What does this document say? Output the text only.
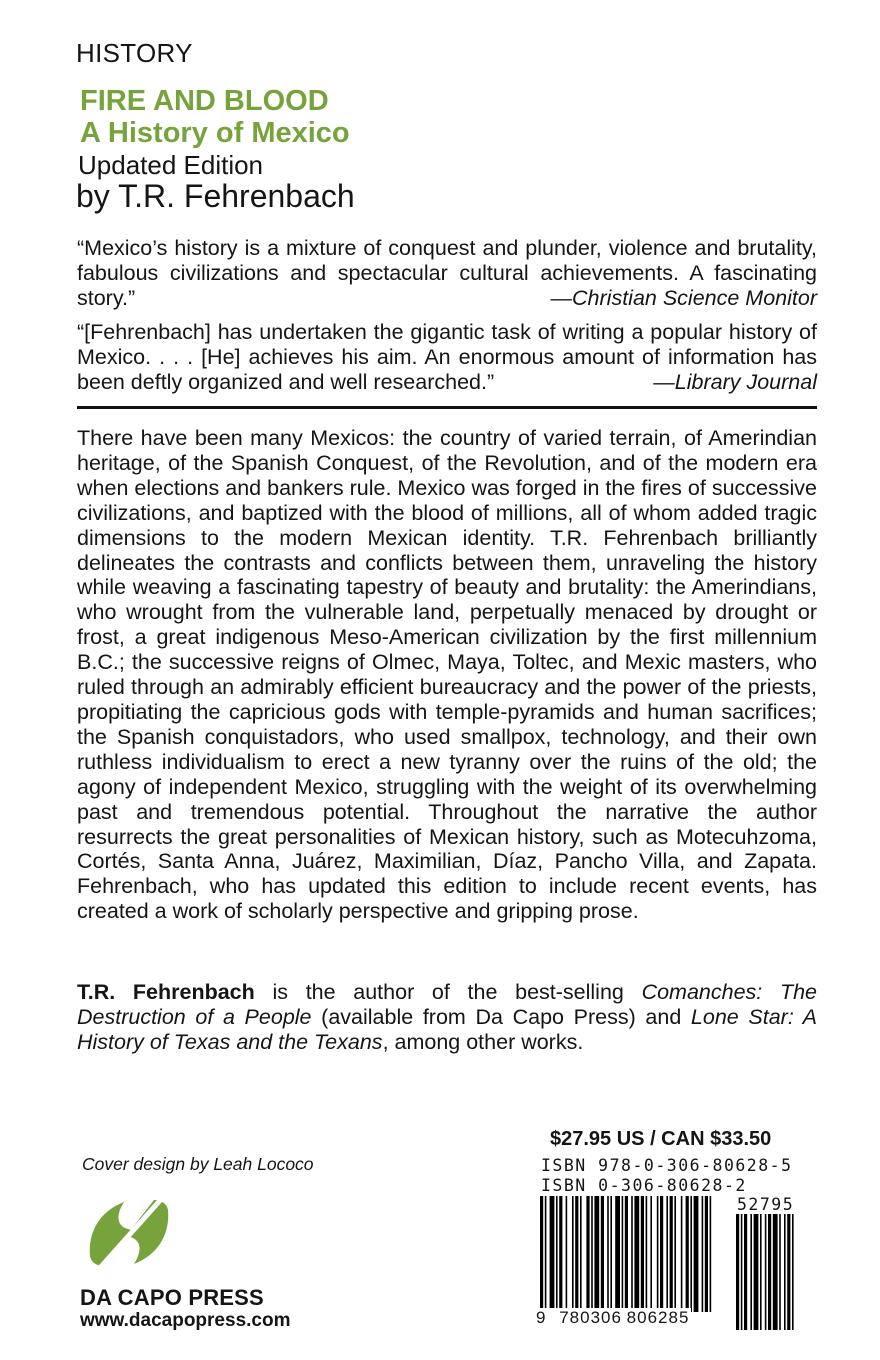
HISTORY
FIRE AND BLOOD
A History of Mexico
Updated Edition
by T.R. Fehrenbach
“Mexico’s history is a mixture of conquest and plunder, violence and brutality, fabulous civilizations and spectacular cultural achievements. A fascinating story.”	—Christian Science Monitor
“[Fehrenbach] has undertaken the gigantic task of writing a popular history of Mexico. . . . [He] achieves his aim. An enormous amount of information has been deftly organized and well researched.”	—Library Journal
There have been many Mexicos: the country of varied terrain, of Amerindian heritage, of the Spanish Conquest, of the Revolution, and of the modern era when elections and bankers rule. Mexico was forged in the fires of successive civilizations, and baptized with the blood of millions, all of whom added tragic dimensions to the modern Mexican identity. T.R. Fehrenbach brilliantly delineates the contrasts and conflicts between them, unraveling the history while weaving a fascinating tapestry of beauty and brutality: the Amerindians, who wrought from the vulnerable land, perpetually menaced by drought or frost, a great indigenous Meso-American civilization by the first millennium B.C.; the successive reigns of Olmec, Maya, Toltec, and Mexic masters, who ruled through an admirably efficient bureaucracy and the power of the priests, propitiating the capricious gods with temple-pyramids and human sacrifices; the Spanish conquistadors, who used smallpox, technology, and their own ruthless individualism to erect a new tyranny over the ruins of the old; the agony of independent Mexico, struggling with the weight of its overwhelming past and tremendous potential. Throughout the narrative the author resurrects the great personalities of Mexican history, such as Motecuhzoma, Cortés, Santa Anna, Juárez, Maximilian, Díaz, Pancho Villa, and Zapata. Fehrenbach, who has updated this edition to include recent events, has created a work of scholarly perspective and gripping prose.
T.R. Fehrenbach is the author of the best-selling Comanches: The Destruction of a People (available from Da Capo Press) and Lone Star: A History of Texas and the Texans, among other works.
Cover design by Leah Lococo
DA CAPO PRESS
www.dacapopress.com
$27.95 US / CAN $33.50
ISBN 978-0-306-80628-5
ISBN 0-306-80628-2
52795
9 780306 806285
